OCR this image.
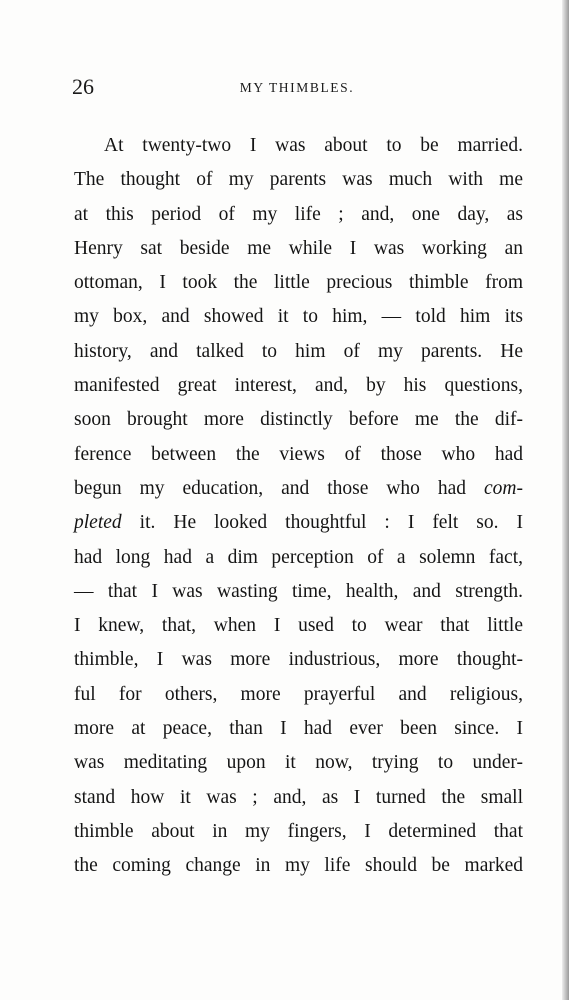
26	MY THIMBLES.
At twenty-two I was about to be married.
The thought of my parents was much with me
at this period of my life ; and, one day, as
Henry sat beside me while I was working an
ottoman, I took the little precious thimble from
my box, and showed it to him, — told him its
history, and talked to him of my parents. He
manifested great interest, and, by his questions,
soon brought more distinctly before me the dif-
ference between the views of those who had
begun my education, and those who had com-
pleted it. He looked thoughtful : I felt so. I
had long had a dim perception of a solemn fact,
— that I was wasting time, health, and strength.
I knew, that, when I used to wear that little
thimble, I was more industrious, more thought-
ful for others, more prayerful and religious,
more at peace, than I had ever been since. I
was meditating upon it now, trying to under-
stand how it was ; and, as I turned the small
thimble about in my fingers, I determined that
the coming change in my life should be marked
